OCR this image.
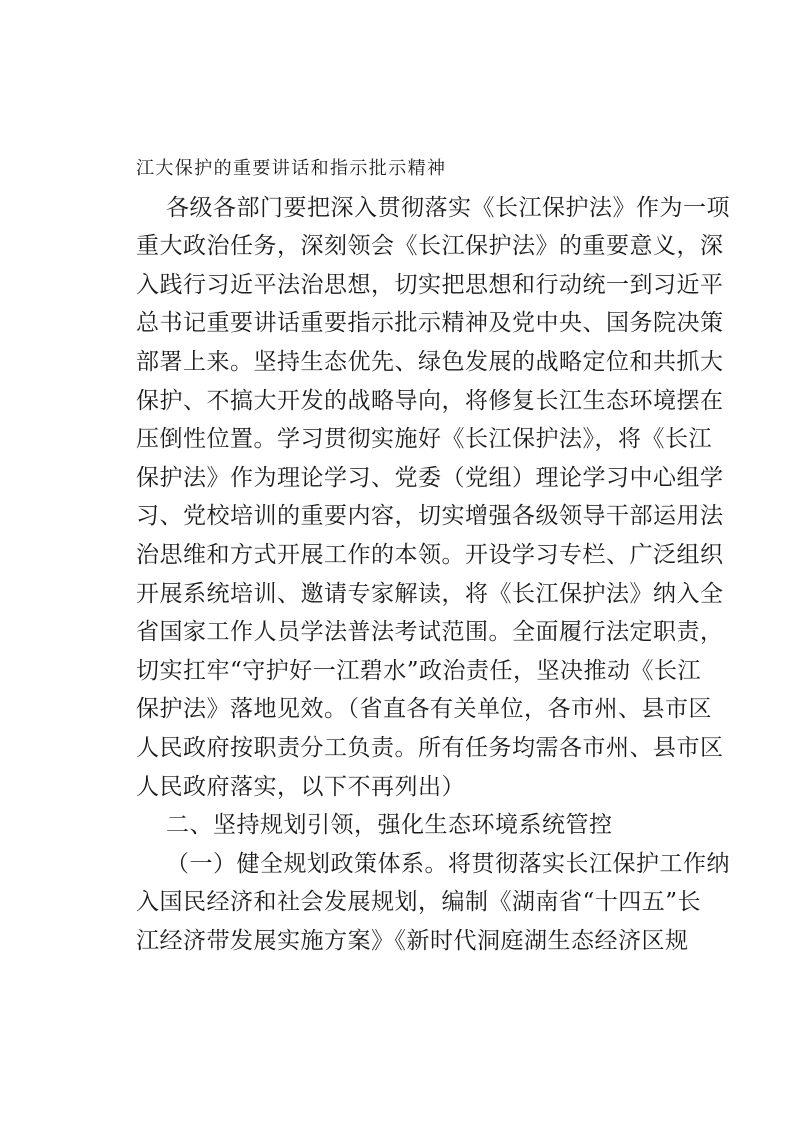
江大保护的重要讲话和指示批示精神
各级各部门要把深入贯彻落实《长江保护法》作为一项
重大政治任务，深刻领会《长江保护法》的重要意义，深
入践行习近平法治思想，切实把思想和行动统一到习近平
总书记重要讲话重要指示批示精神及党中央、国务院决策
部署上来。坚持生态优先、绿色发展的战略定位和共抓大
保护、不搞大开发的战略导向，将修复长江生态环境摆在
压倒性位置。学习贯彻实施好《长江保护法》，将《长江
保护法》作为理论学习、党委（党组）理论学习中心组学
习、党校培训的重要内容，切实增强各级领导干部运用法
治思维和方式开展工作的本领。开设学习专栏、广泛组织
开展系统培训、邀请专家解读，将《长江保护法》纳入全
省国家工作人员学法普法考试范围。全面履行法定职责，
切实扛牢“守护好一江碧水”政治责任，坚决推动《长江
保护法》落地见效。（省直各有关单位，各市州、县市区
人民政府按职责分工负责。所有任务均需各市州、县市区
人民政府落实，以下不再列出）
二、坚持规划引领，强化生态环境系统管控
（一）健全规划政策体系。将贯彻落实长江保护工作纳
入国民经济和社会发展规划，编制《湖南省“十四五”长
江经济带发展实施方案》《新时代洞庭湖生态经济区规
